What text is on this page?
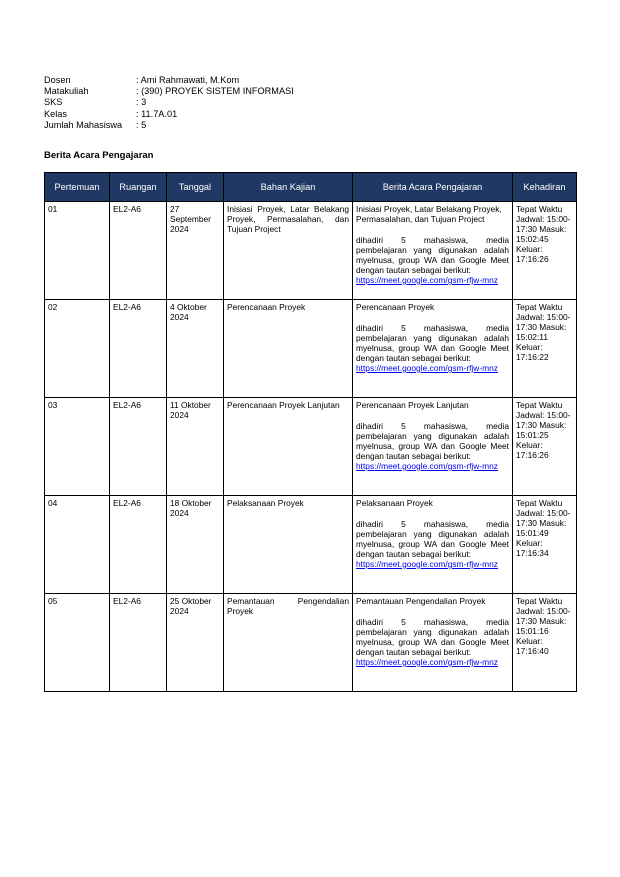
Dosen	: Ami Rahmawati, M.Kom
Matakuliah	: (390) PROYEK SISTEM INFORMASI
SKS	: 3
Kelas	: 11.7A.01
Jumlah Mahasiswa	: 5
Berita Acara Pengajaran
Pertemuan	Ruangan	Tanggal	Bahan Kajian	Berita Acara Pengajaran	Kehadiran
01	EL2-A6	27 September 2024	Inisiasi Proyek, Latar Belakang Proyek, Permasalahan, dan Tujuan Project	Inisiasi Proyek, Latar Belakang Proyek, Permasalahan, dan Tujuan Project
dihadiri 5 mahasiswa, media pembelajaran yang digunakan adalah myelnusa, group WA dan Google Meet dengan tautan sebagai berikut:
https://meet.google.com/gsm-rfjw-mnz	Tepat Waktu Jadwal: 15:00-17:30 Masuk: 15:02:45 Keluar: 17:16:26
02	EL2-A6	4 Oktober 2024	Perencanaan Proyek	Perencanaan Proyek
dihadiri 5 mahasiswa, media pembelajaran yang digunakan adalah myelnusa, group WA dan Google Meet dengan tautan sebagai berikut:
https://meet.google.com/gsm-rfjw-mnz	Tepat Waktu Jadwal: 15:00-17:30 Masuk: 15:02:11 Keluar: 17:16:22
03	EL2-A6	11 Oktober 2024	Perencanaan Proyek Lanjutan	Perencanaan Proyek Lanjutan
dihadiri 5 mahasiswa, media pembelajaran yang digunakan adalah myelnusa, group WA dan Google Meet dengan tautan sebagai berikut:
https://meet.google.com/gsm-rfjw-mnz	Tepat Waktu Jadwal: 15:00-17:30 Masuk: 15:01:25 Keluar: 17:16:26
04	EL2-A6	18 Oktober 2024	Pelaksanaan Proyek	Pelaksanaan Proyek
dihadiri 5 mahasiswa, media pembelajaran yang digunakan adalah myelnusa, group WA dan Google Meet dengan tautan sebagai berikut:
https://meet.google.com/gsm-rfjw-mnz	Tepat Waktu Jadwal: 15:00-17:30 Masuk: 15:01:49 Keluar: 17:16:34
05	EL2-A6	25 Oktober 2024	Pemantauan Pengendalian Proyek	Pemantauan Pengendalian Proyek
dihadiri 5 mahasiswa, media pembelajaran yang digunakan adalah myelnusa, group WA dan Google Meet dengan tautan sebagai berikut:
https://meet.google.com/gsm-rfjw-mnz	Tepat Waktu Jadwal: 15:00-17:30 Masuk: 15:01:16 Keluar: 17:16:40
